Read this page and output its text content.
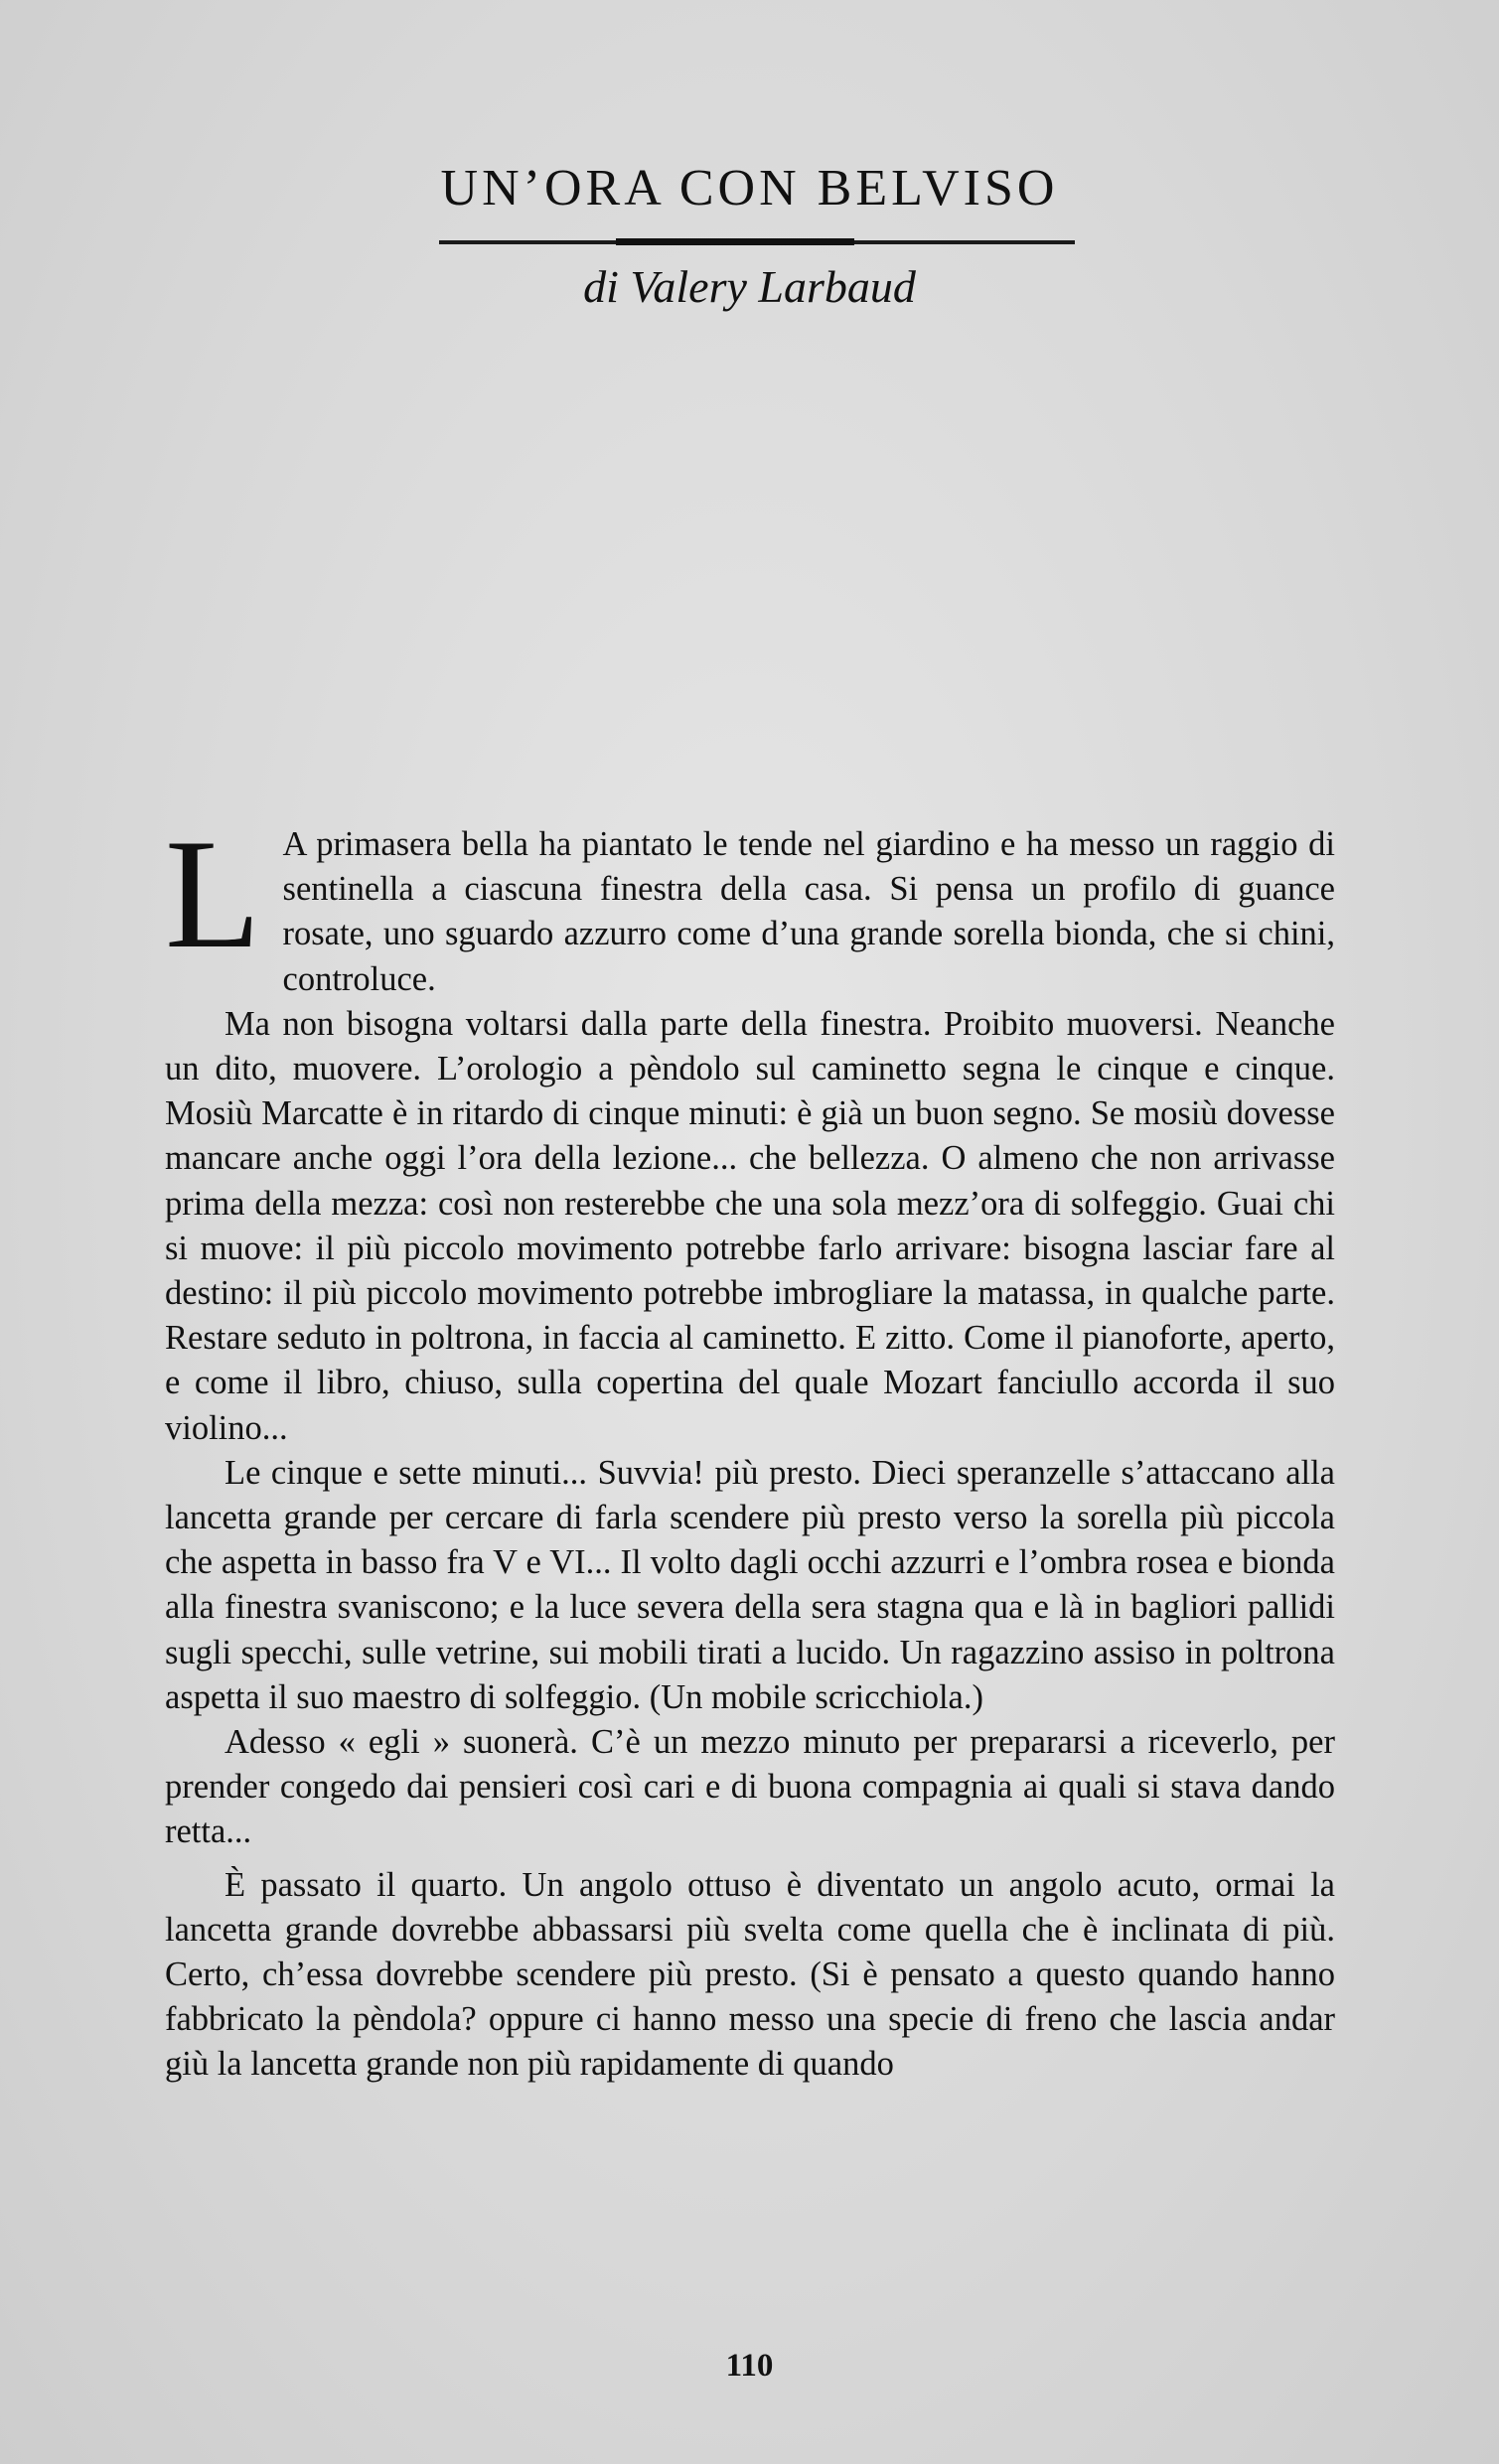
UN’ORA CON BELVISO
di Valery Larbaud

L A primasera bella ha piantato le tende nel giardino e ha messo un raggio di sentinella a ciascuna finestra della casa. Si pensa un profilo di guance rosate, uno sguardo azzurro come d’una grande sorella bionda, che si chini, controluce.

Ma non bisogna voltarsi dalla parte della finestra. Proibito muoversi. Neanche un dito, muovere. L’orologio a pèndolo sul caminetto segna le cinque e cinque. Mosiù Marcatte è in ritardo di cinque minuti: è già un buon segno. Se mosiù dovesse mancare anche oggi l’ora della lezione... che bellezza. O almeno che non arrivasse prima della mezza: così non resterebbe che una sola mezz’ora di solfeggio. Guai chi si muove: il più piccolo movimento potrebbe farlo arrivare: bisogna lasciar fare al destino: il più piccolo movimento potrebbe imbrogliare la matassa, in qualche parte. Restare seduto in poltrona, in faccia al caminetto. E zitto. Come il pianoforte, aperto, e come il libro, chiuso, sulla copertina del quale Mozart fanciullo accorda il suo violino...

Le cinque e sette minuti... Suvvia! più presto. Dieci speranzelle s’attaccano alla lancetta grande per cercare di farla scendere più presto verso la sorella più piccola che aspetta in basso fra V e VI... Il volto dagli occhi azzurri e l’ombra rosea e bionda alla finestra svaniscono; e la luce severa della sera stagna qua e là in bagliori pallidi sugli specchi, sulle vetrine, sui mobili tirati a lucido. Un ragazzino assiso in poltrona aspetta il suo maestro di solfeggio. (Un mobile scricchiola.)

Adesso « egli » suonerà. C’è un mezzo minuto per prepararsi a riceverlo, per prender congedo dai pensieri così cari e di buona compagnia ai quali si stava dando retta...

È passato il quarto. Un angolo ottuso è diventato un angolo acuto, ormai la lancetta grande dovrebbe abbassarsi più svelta come quella che è inclinata di più. Certo, ch’essa dovrebbe scendere più presto. (Si è pensato a questo quando hanno fabbricato la pèndola? oppure ci hanno messo una specie di freno che lascia andar giù la lancetta grande non più rapidamente di quando

110
